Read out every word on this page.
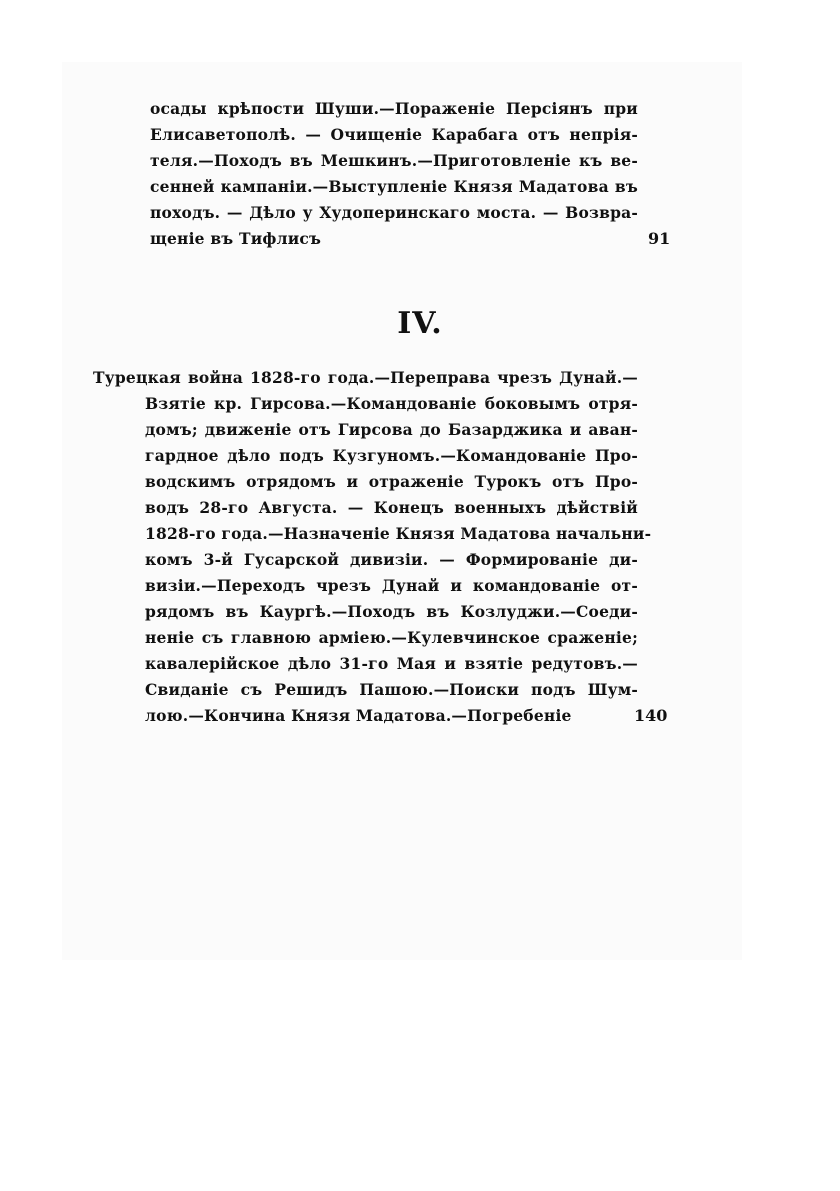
осады крѣпости Шуши.—Пораженіе Персіянъ при
Елисаветополѣ. — Очищеніе Карабага отъ непрія-
теля.—Походъ въ Мешкинъ.—Приготовленіе къ ве-
сенней кампаніи.—Выступленіе Князя Мадатова въ
походъ. — Дѣло у Худоперинскаго моста. — Возвра-
щеніе въ Тифлисъ	91
IV.
Турецкая война 1828-го года.—Переправа чрезъ Дунай.—
Взятіе кр. Гирсова.—Командованіе боковымъ отря-
домъ; движеніе отъ Гирсова до Базарджика и аван-
гардное дѣло подъ Кузгуномъ.—Командованіе Про-
водскимъ отрядомъ и отраженіе Турокъ отъ Про-
водъ 28-го Августа. — Конецъ военныхъ дѣйствій
1828-го года.—Назначеніе Князя Мадатова начальни-
комъ 3-й Гусарской дивизіи. — Формированіе ди-
визіи.—Переходъ чрезъ Дунай и командованіе от-
рядомъ въ Каургѣ.—Походъ въ Козлуджи.—Соеди-
неніе съ главною арміею.—Кулевчинское сраженіе;
кавалерійское дѣло 31-го Мая и взятіе редутовъ.—
Свиданіе съ Решидъ Пашою.—Поиски подъ Шум-
лою.—Кончина Князя Мадатова.—Погребеніе	140
